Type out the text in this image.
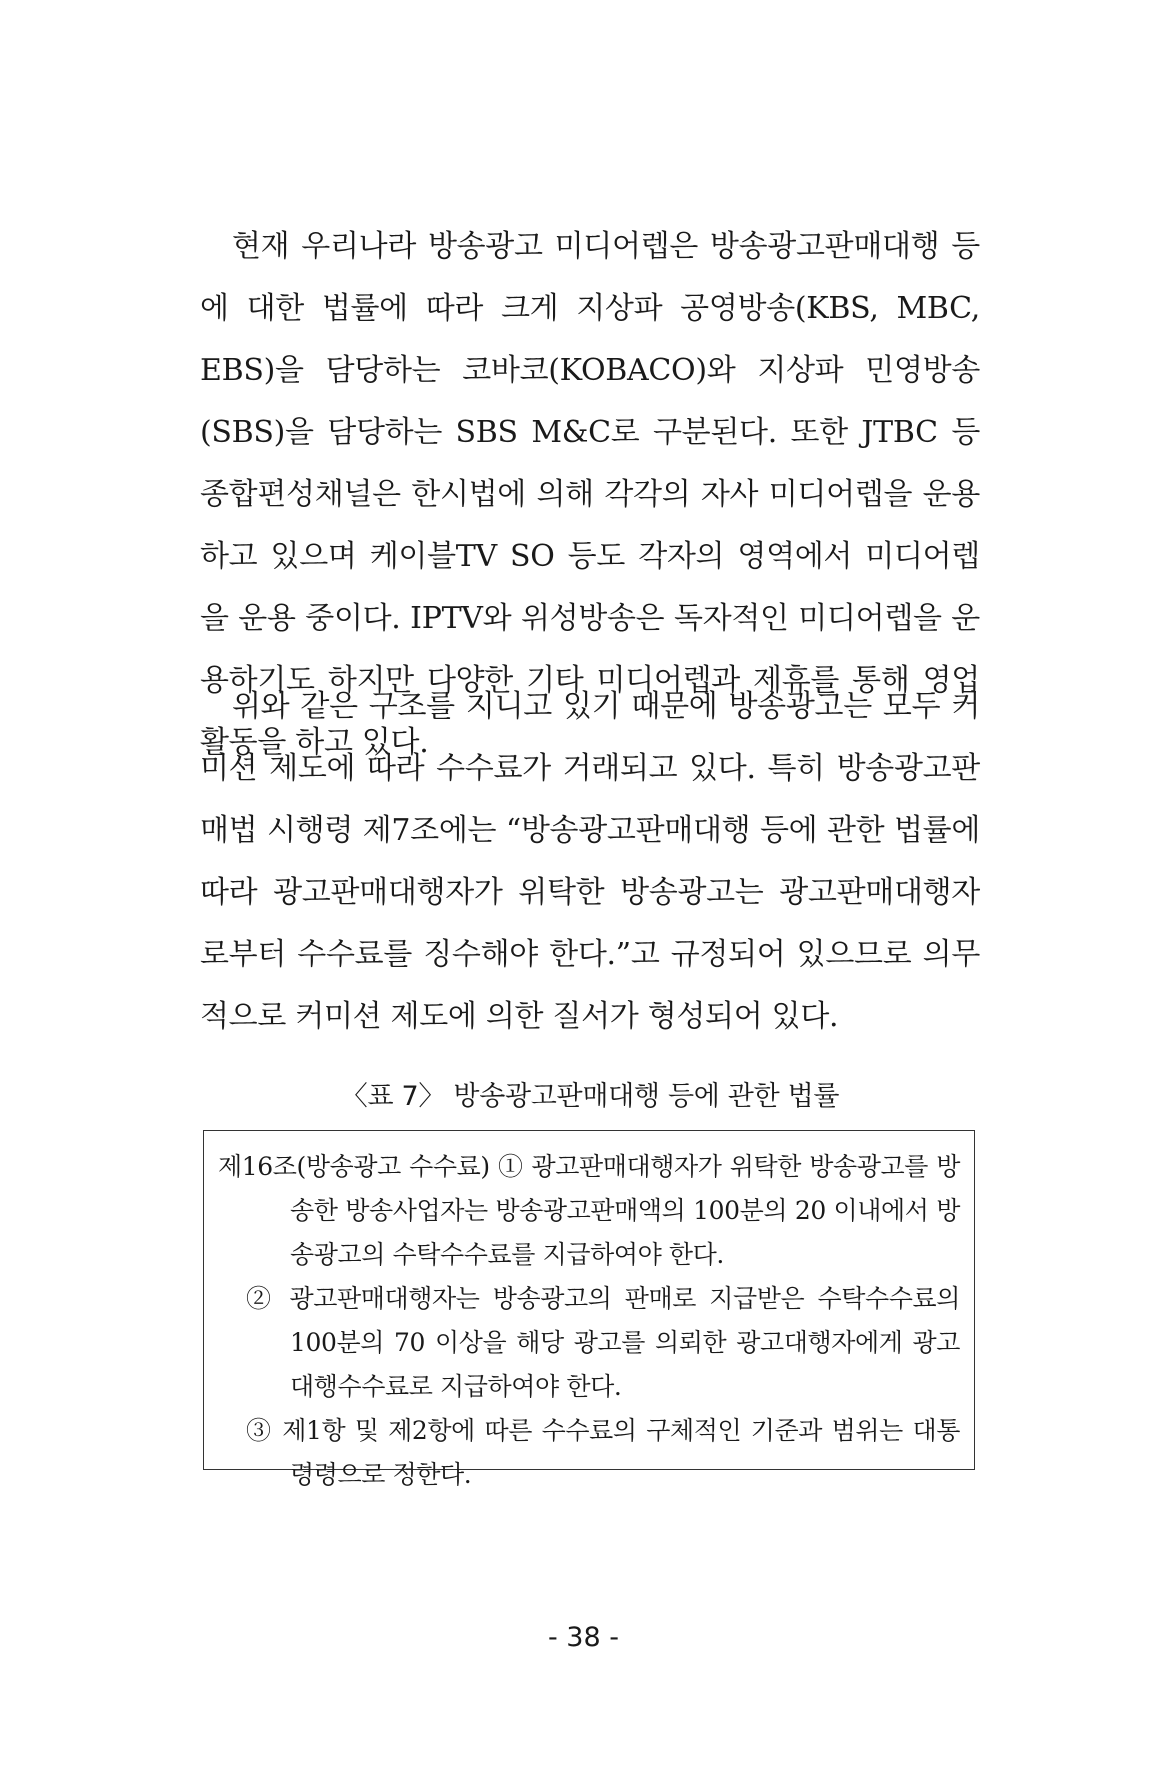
현재 우리나라 방송광고 미디어렙은 방송광고판매대행 등에 대한 법률에 따라 크게 지상파 공영방송(KBS, MBC, EBS)을 담당하는 코바코(KOBACO)와 지상파 민영방송(SBS)을 담당하는 SBS M&C로 구분된다. 또한 JTBC 등 종합편성채널은 한시법에 의해 각각의 자사 미디어렙을 운용하고 있으며 케이블TV SO 등도 각자의 영역에서 미디어렙을 운용 중이다. IPTV와 위성방송은 독자적인 미디어렙을 운용하기도 하지만 다양한 기타 미디어렙과 제휴를 통해 영업 활동을 하고 있다.

위와 같은 구조를 지니고 있기 때문에 방송광고는 모두 커미션 제도에 따라 수수료가 거래되고 있다. 특히 방송광고판매법 시행령 제7조에는 “방송광고판매대행 등에 관한 법률에 따라 광고판매대행자가 위탁한 방송광고는 광고판매대행자로부터 수수료를 징수해야 한다.”고 규정되어 있으므로 의무적으로 커미션 제도에 의한 질서가 형성되어 있다.

〈표 7〉 방송광고판매대행 등에 관한 법률

제16조(방송광고 수수료) ① 광고판매대행자가 위탁한 방송광고를 방송한 방송사업자는 방송광고판매액의 100분의 20 이내에서 방송광고의 수탁수수료를 지급하여야 한다.

② 광고판매대행자는 방송광고의 판매로 지급받은 수탁수수료의 100분의 70 이상을 해당 광고를 의뢰한 광고대행자에게 광고대행수수료로 지급하여야 한다.

③ 제1항 및 제2항에 따른 수수료의 구체적인 기준과 범위는 대통령령으로 정한다.

- 38 -
